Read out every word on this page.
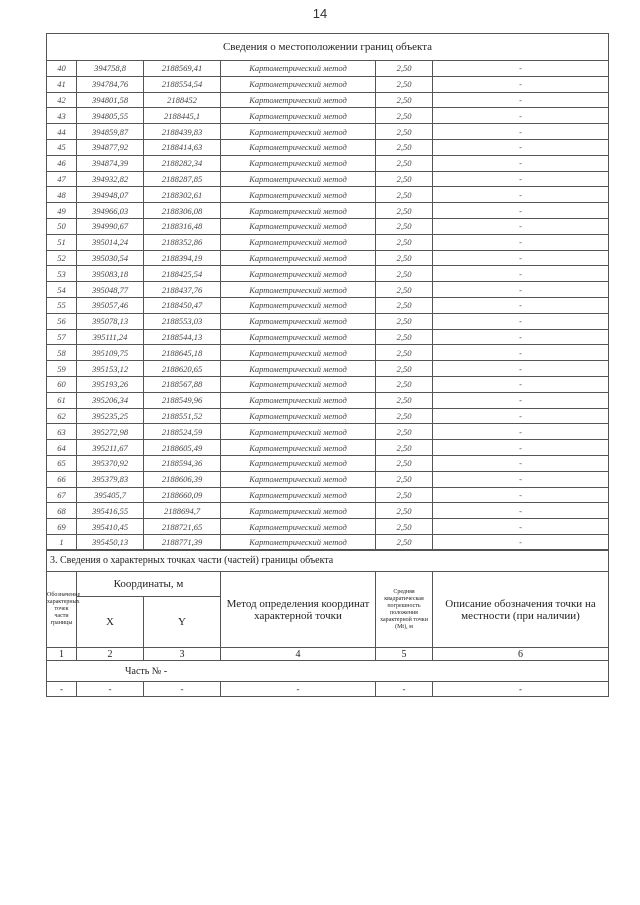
14
Сведения о местоположении границ объекта					
40	394758,8	2188569,41	Картометрический метод	2,50	-
41	394784,76	2188554,54	Картометрический метод	2,50	-
42	394801,58	2188452	Картометрический метод	2,50	-
43	394805,55	2188445,1	Картометрический метод	2,50	-
44	394859,87	2188439,83	Картометрический метод	2,50	-
45	394877,92	2188414,63	Картометрический метод	2,50	-
46	394874,39	2188282,34	Картометрический метод	2,50	-
47	394932,82	2188287,85	Картометрический метод	2,50	-
48	394948,07	2188302,61	Картометрический метод	2,50	-
49	394966,03	2188306,08	Картометрический метод	2,50	-
50	394990,67	2188316,48	Картометрический метод	2,50	-
51	395014,24	2188352,86	Картометрический метод	2,50	-
52	395030,54	2188394,19	Картометрический метод	2,50	-
53	395083,18	2188425,54	Картометрический метод	2,50	-
54	395048,77	2188437,76	Картометрический метод	2,50	-
55	395057,46	2188450,47	Картометрический метод	2,50	-
56	395078,13	2188553,03	Картометрический метод	2,50	-
57	395111,24	2188544,13	Картометрический метод	2,50	-
58	395109,75	2188645,18	Картометрический метод	2,50	-
59	395153,12	2188620,65	Картометрический метод	2,50	-
60	395193,26	2188567,88	Картометрический метод	2,50	-
61	395206,34	2188549,96	Картометрический метод	2,50	-
62	395235,25	2188551,52	Картометрический метод	2,50	-
63	395272,98	2188524,59	Картометрический метод	2,50	-
64	395211,67	2188605,49	Картометрический метод	2,50	-
65	395370,92	2188594,36	Картометрический метод	2,50	-
66	395379,83	2188606,39	Картометрический метод	2,50	-
67	395405,7	2188660,09	Картометрический метод	2,50	-
68	395416,55	2188694,7	Картометрический метод	2,50	-
69	395410,45	2188721,65	Картометрический метод	2,50	-
1	395450,13	2188771,39	Картометрический метод	2,50	-
3. Сведения о характерных точках части (частей) границы объекта					
Обозначение характерных точек части границы	Координаты, м		Метод определения координат характерной точки	Средняя квадратическая погрешность положения характерной точки (Mt), м	Описание обозначения точки на местности (при наличии)
	X	Y			
1	2	3	4	5	6
Часть № -					
-	-	-	-	-	-
